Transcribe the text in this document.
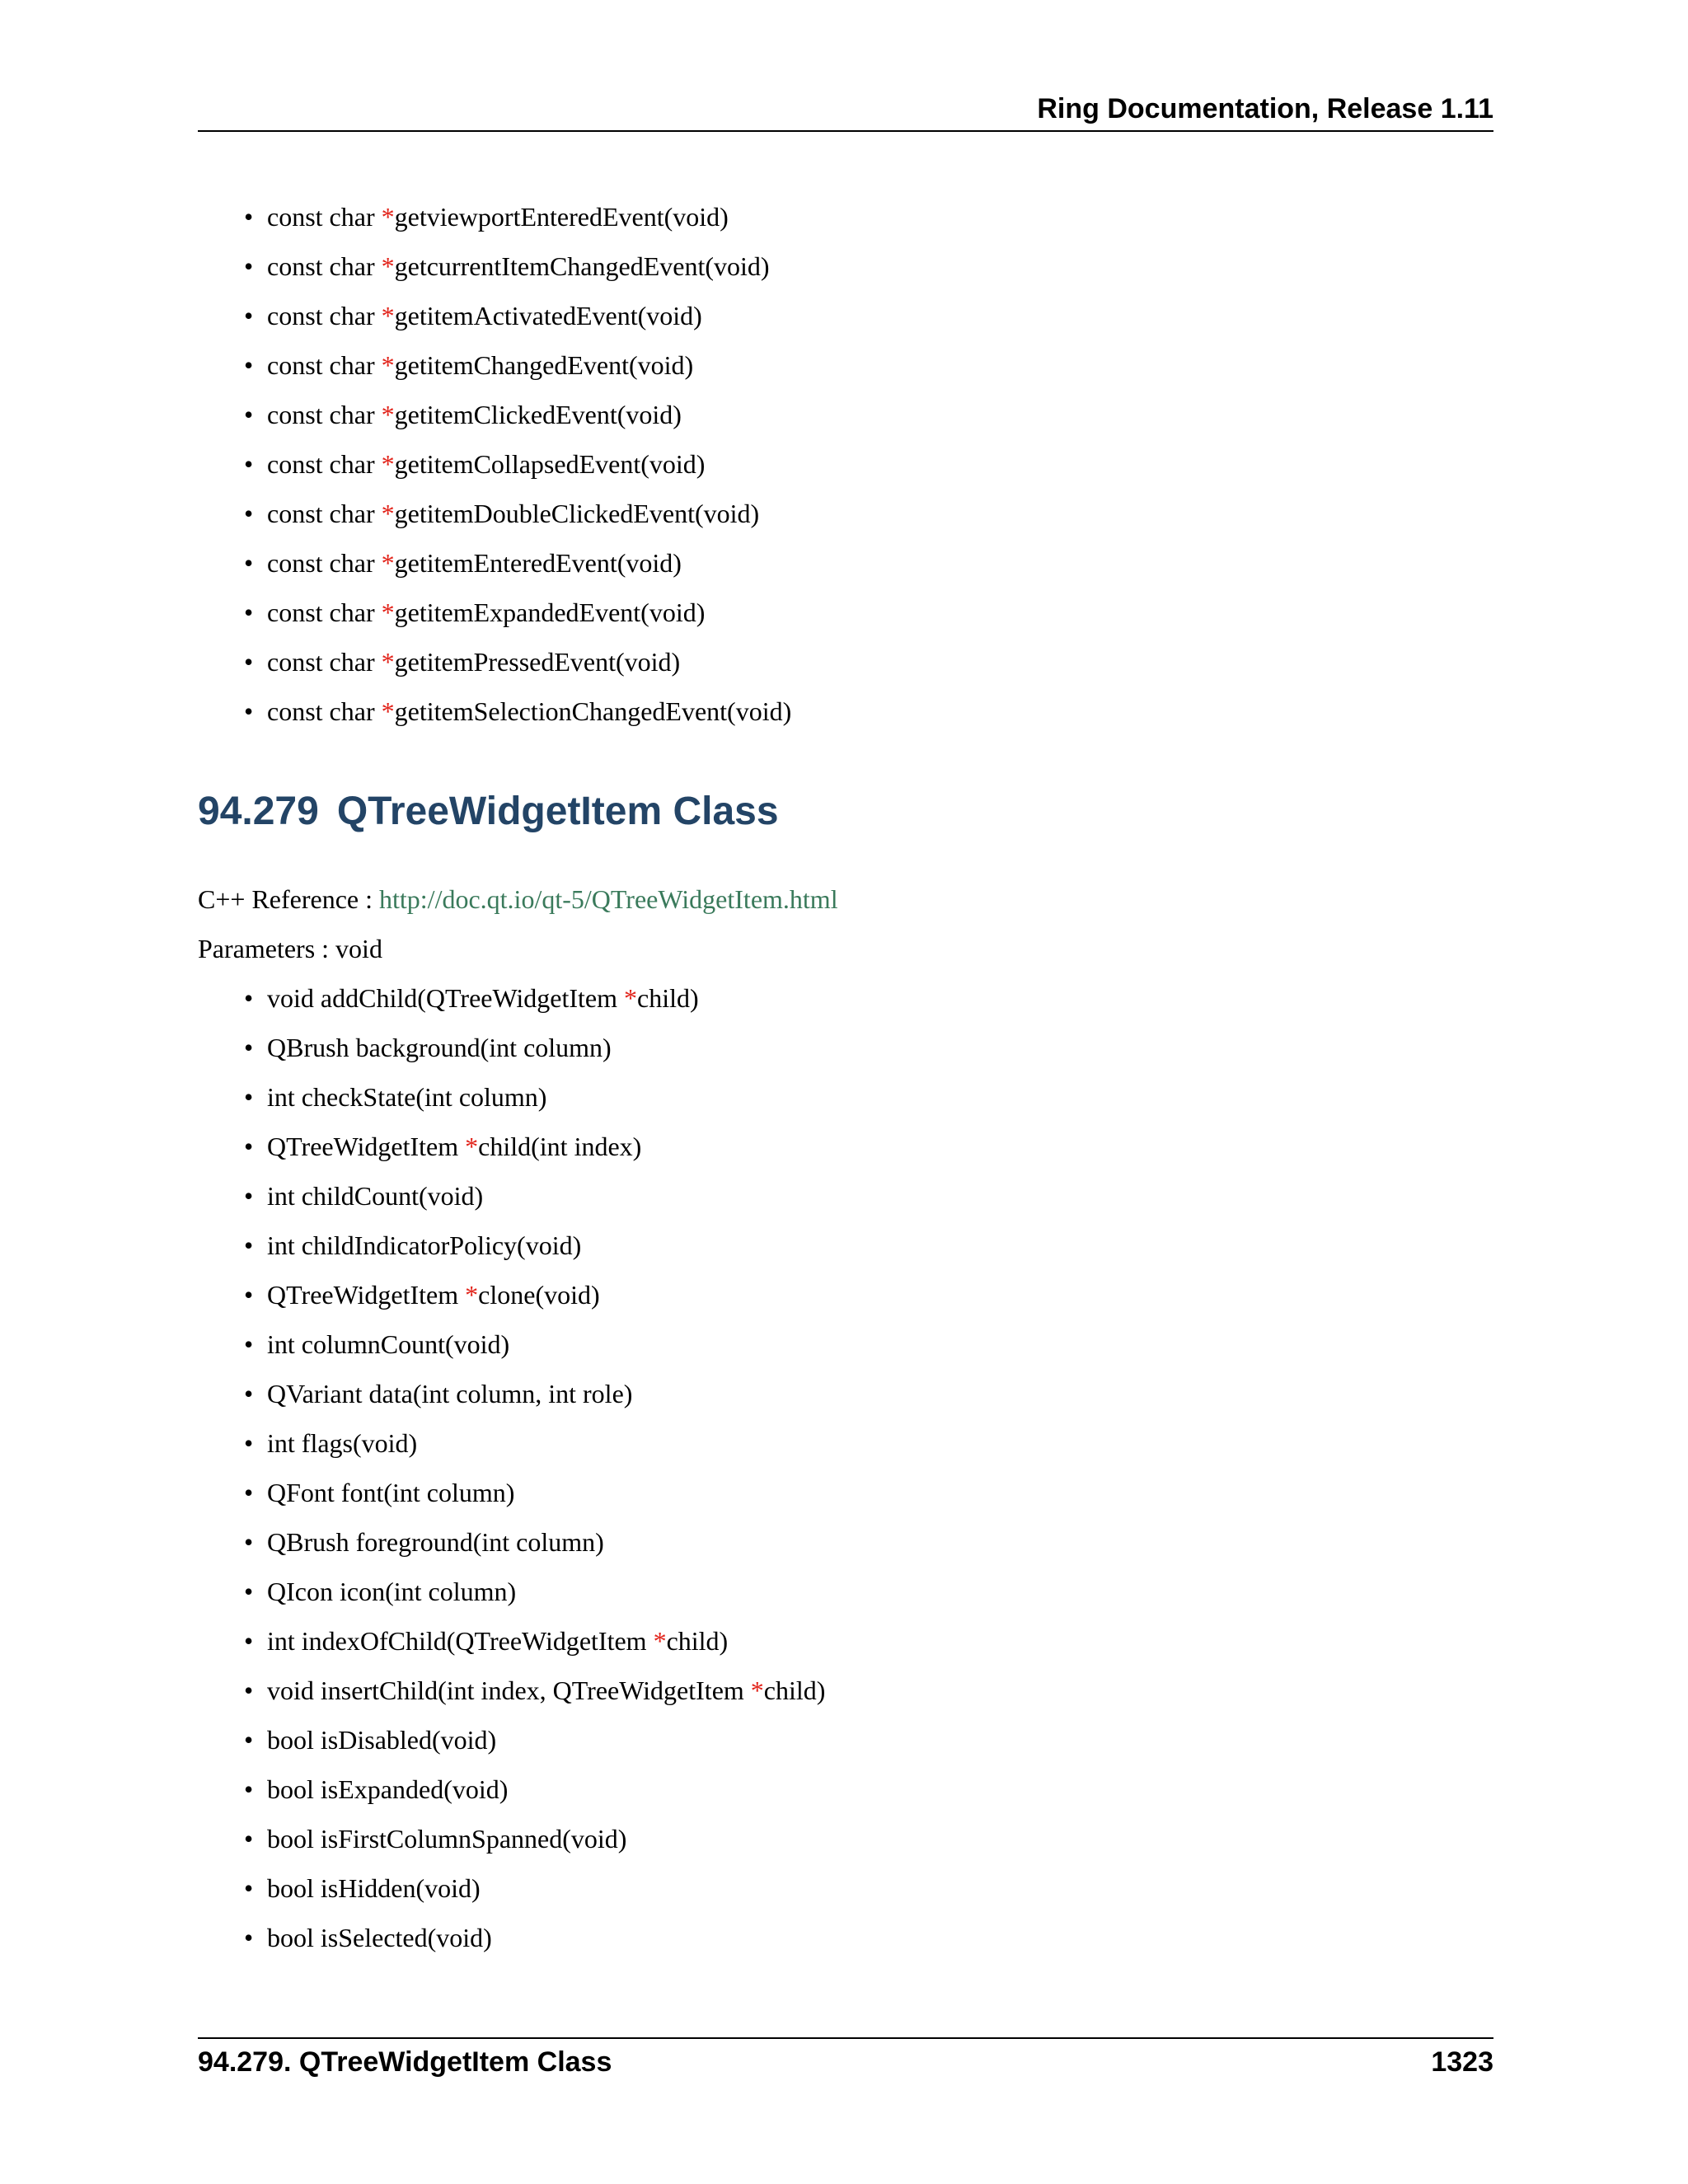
Ring Documentation, Release 1.11
• const char *getviewportEnteredEvent(void)
• const char *getcurrentItemChangedEvent(void)
• const char *getitemActivatedEvent(void)
• const char *getitemChangedEvent(void)
• const char *getitemClickedEvent(void)
• const char *getitemCollapsedEvent(void)
• const char *getitemDoubleClickedEvent(void)
• const char *getitemEnteredEvent(void)
• const char *getitemExpandedEvent(void)
• const char *getitemPressedEvent(void)
• const char *getitemSelectionChangedEvent(void)
94.279 QTreeWidgetItem Class
C++ Reference : http://doc.qt.io/qt-5/QTreeWidgetItem.html
Parameters : void
• void addChild(QTreeWidgetItem *child)
• QBrush background(int column)
• int checkState(int column)
• QTreeWidgetItem *child(int index)
• int childCount(void)
• int childIndicatorPolicy(void)
• QTreeWidgetItem *clone(void)
• int columnCount(void)
• QVariant data(int column, int role)
• int flags(void)
• QFont font(int column)
• QBrush foreground(int column)
• QIcon icon(int column)
• int indexOfChild(QTreeWidgetItem *child)
• void insertChild(int index, QTreeWidgetItem *child)
• bool isDisabled(void)
• bool isExpanded(void)
• bool isFirstColumnSpanned(void)
• bool isHidden(void)
• bool isSelected(void)
94.279. QTreeWidgetItem Class	1323
